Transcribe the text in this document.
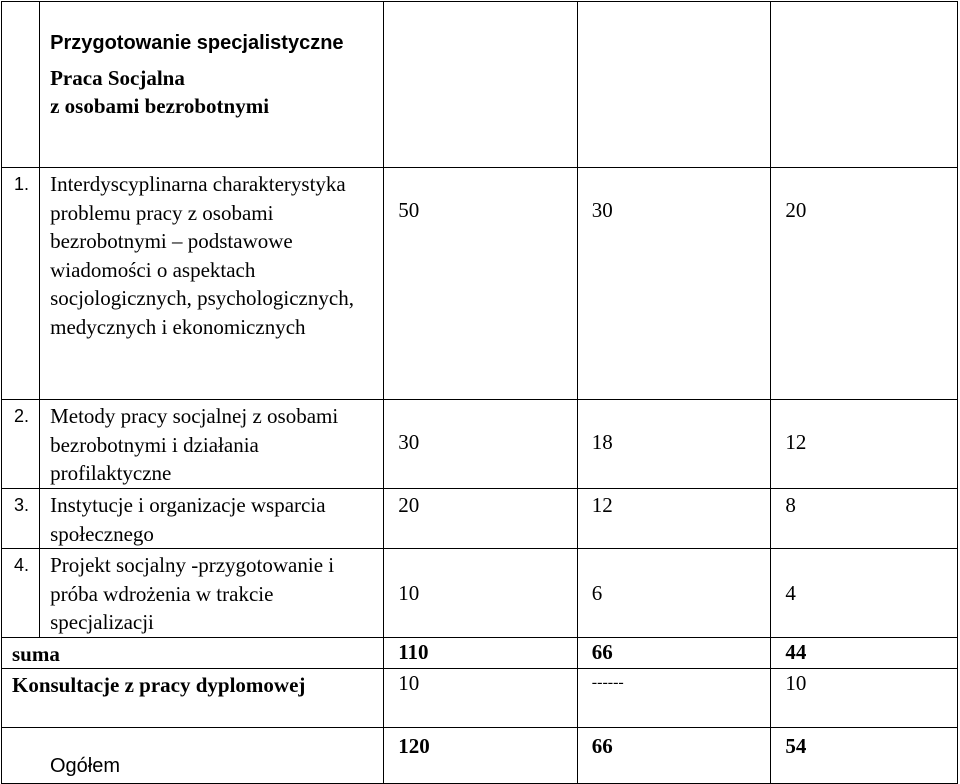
	Przygotowanie specjalistyczne
Praca Socjalna
z osobami bezrobotnymi			

1.	Interdyscyplinarna charakterystyka problemu pracy z osobami bezrobotnymi – podstawowe wiadomości o aspektach socjologicznych, psychologicznych, medycznych i ekonomicznych	50	30	20
2.	Metody pracy socjalnej z osobami bezrobotnymi i działania profilaktyczne	30	18	12
3.	Instytucje i organizacje wsparcia społecznego	20	12	8
4.	Projekt socjalny -przygotowanie i próba wdrożenia w trakcie specjalizacji	10	6	4
suma		110	66	44
Konsultacje z pracy dyplomowej		10	------	10
Ogółem		120	66	54
